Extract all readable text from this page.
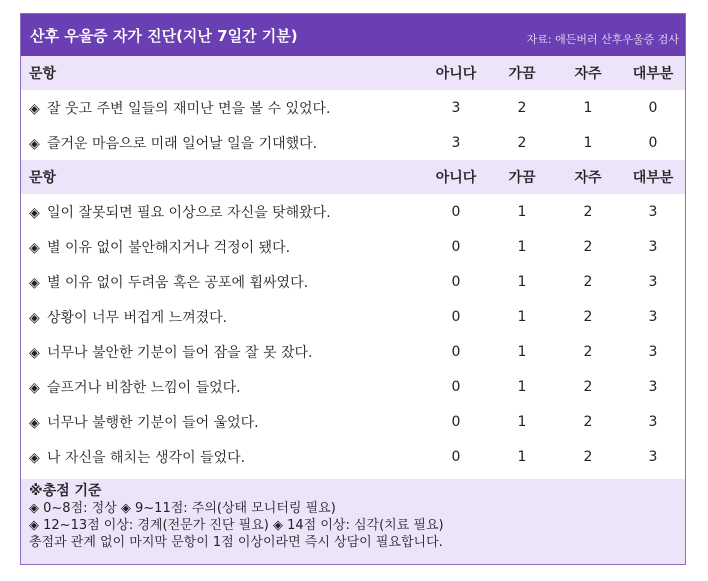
산후 우울증 자가 진단(지난 7일간 기분)	자료: 애든버러 산후우울증 검사
문항	아니다	가끔	자주	대부분
◈ 잘 웃고 주변 일들의 재미난 면을 볼 수 있었다.	3	2	1	0
◈ 즐거운 마음으로 미래 일어날 일을 기대했다.	3	2	1	0
문항	아니다	가끔	자주	대부분
◈ 일이 잘못되면 필요 이상으로 자신을 탓해왔다.	0	1	2	3
◈ 별 이유 없이 불안해지거나 걱정이 됐다.	0	1	2	3
◈ 별 이유 없이 두려움 혹은 공포에 휩싸였다.	0	1	2	3
◈ 상황이 너무 버겁게 느껴졌다.	0	1	2	3
◈ 너무나 불안한 기분이 들어 잠을 잘 못 잤다.	0	1	2	3
◈ 슬프거나 비참한 느낌이 들었다.	0	1	2	3
◈ 너무나 불행한 기분이 들어 울었다.	0	1	2	3
◈ 나 자신을 해치는 생각이 들었다.	0	1	2	3
※총점 기준
◈ 0~8점: 정상 ◈ 9~11점: 주의(상태 모니터링 필요)
◈ 12~13점 이상: 경계(전문가 진단 필요) ◈ 14점 이상: 심각(치료 필요)
총점과 관계 없이 마지막 문항이 1점 이상이라면 즉시 상담이 필요합니다.
